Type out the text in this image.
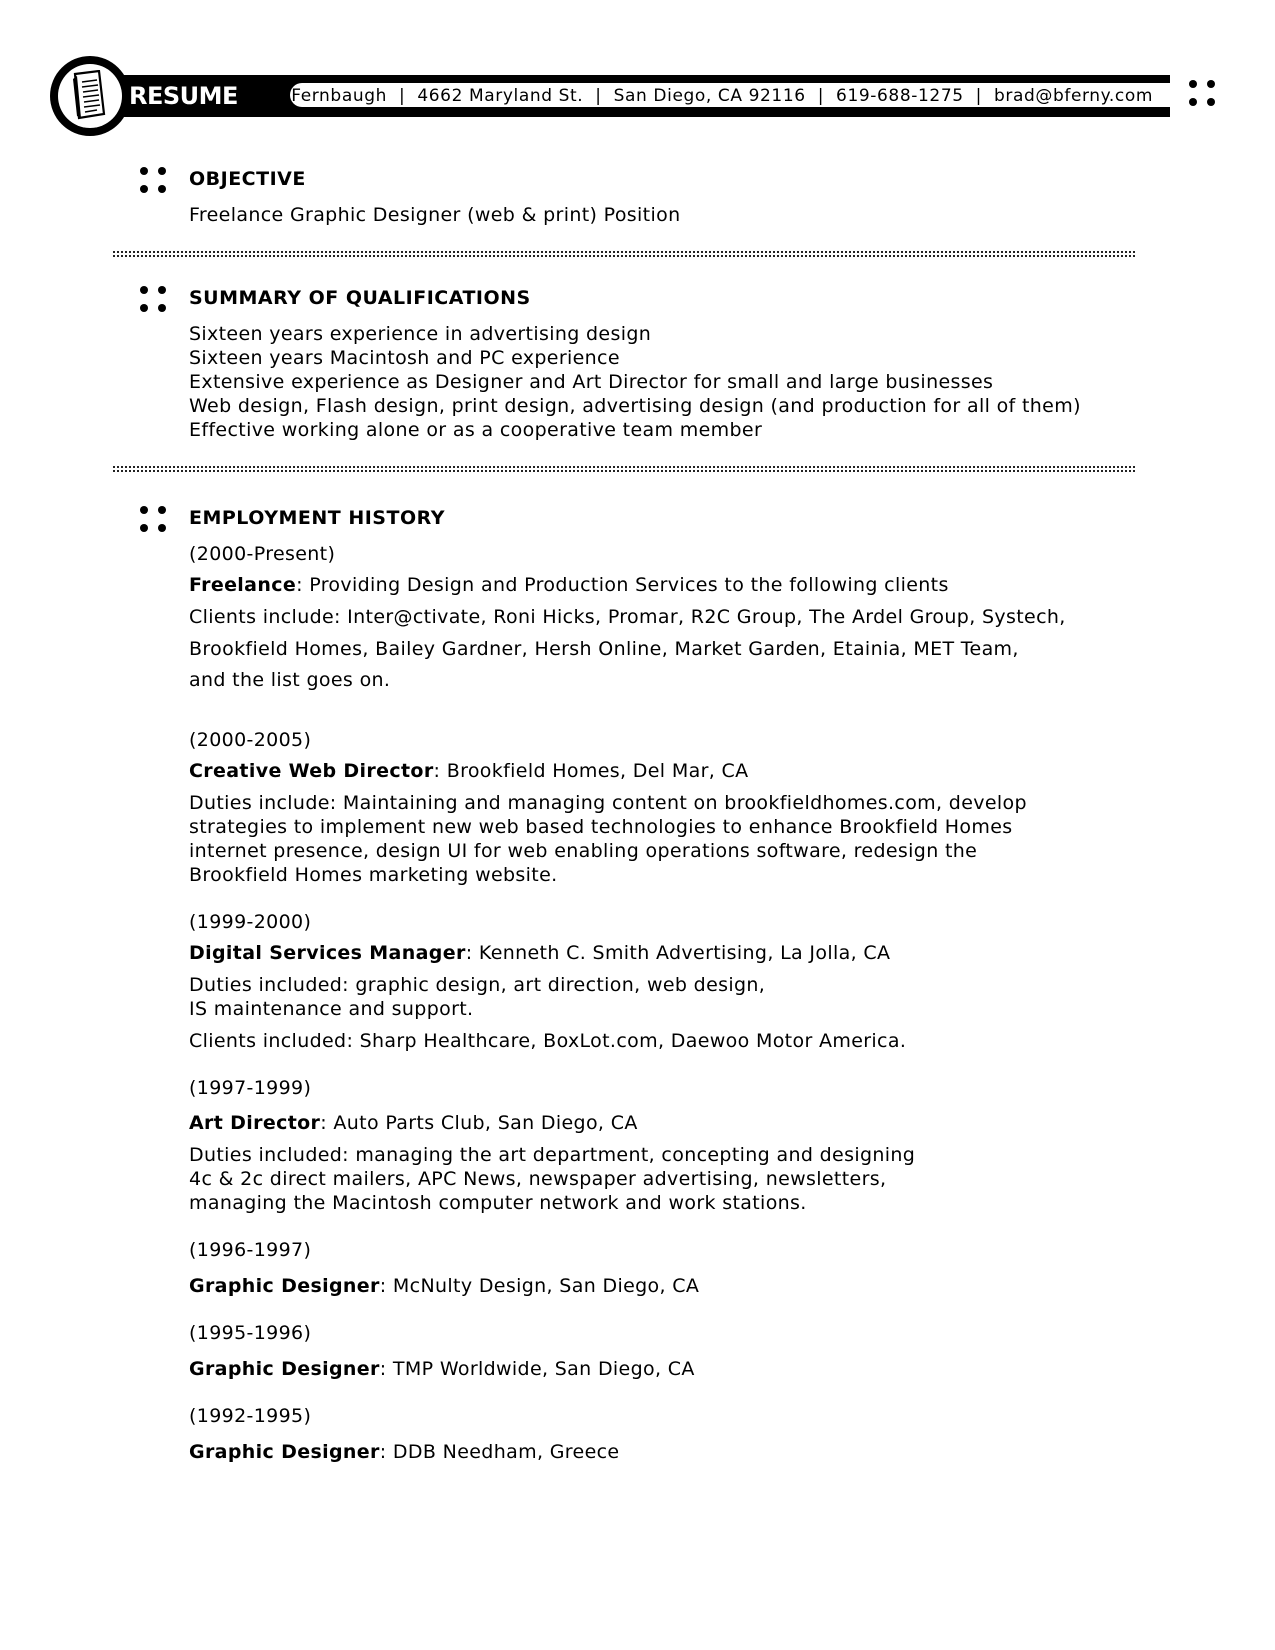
RESUME Brad Fernbaugh  |  4662 Maryland St.  |  San Diego, CA 92116  |  619-688-1275  |  brad@bferny.com
OBJECTIVE
Freelance Graphic Designer (web & print) Position
SUMMARY OF QUALIFICATIONS
Sixteen years experience in advertising design
Sixteen years Macintosh and PC experience
Extensive experience as Designer and Art Director for small and large businesses
Web design, Flash design, print design, advertising design (and production for all of them)
Effective working alone or as a cooperative team member
EMPLOYMENT HISTORY
(2000-Present)
Freelance: Providing Design and Production Services to the following clients
Clients include: Inter@ctivate, Roni Hicks, Promar, R2C Group, The Ardel Group, Systech,
Brookfield Homes, Bailey Gardner, Hersh Online, Market Garden, Etainia, MET Team,
and the list goes on.
(2000-2005)
Creative Web Director: Brookfield Homes, Del Mar, CA
Duties include: Maintaining and managing content on brookfieldhomes.com, develop
strategies to implement new web based technologies to enhance Brookfield Homes
internet presence, design UI for web enabling operations software, redesign the
Brookfield Homes marketing website.
(1999-2000)
Digital Services Manager: Kenneth C. Smith Advertising, La Jolla, CA
Duties included: graphic design, art direction, web design,
IS maintenance and support.
Clients included: Sharp Healthcare, BoxLot.com, Daewoo Motor America.
(1997-1999)
Art Director: Auto Parts Club, San Diego, CA
Duties included: managing the art department, concepting and designing
4c & 2c direct mailers, APC News, newspaper advertising, newsletters,
managing the Macintosh computer network and work stations.
(1996-1997)
Graphic Designer: McNulty Design, San Diego, CA
(1995-1996)
Graphic Designer: TMP Worldwide, San Diego, CA
(1992-1995)
Graphic Designer: DDB Needham, Greece
